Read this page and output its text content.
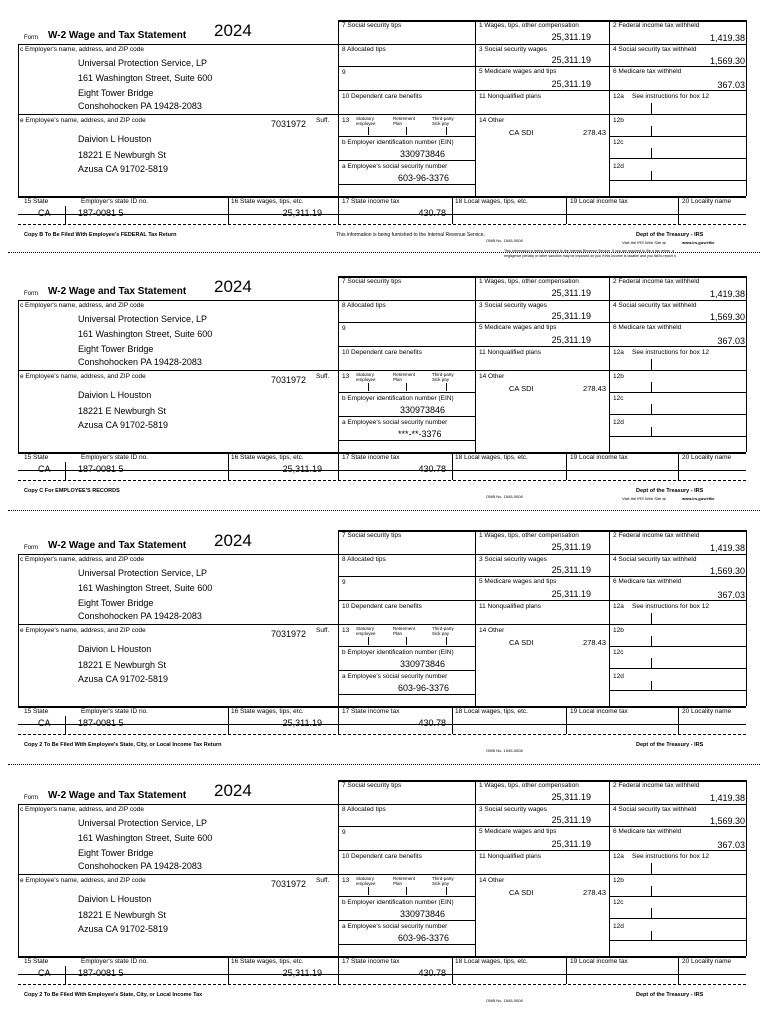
Form W-2 Wage and Tax Statement 2024
c Employer's name, address, and ZIP code
Universal Protection Service, LP
161 Washington Street, Suite 600
Eight Tower Bridge
Conshohocken PA 19428-2083
e Employee's name, address, and ZIP code	7031972 Suff.
Daivion L Houston
18221 E Newburgh St
Azusa CA 91702-5819
7 Social security tips
8 Allocated tips
9
10 Dependent care benefits
13 Statutory employee
Retirement Plan
Third-party Sick pay
b Employer identification number (EIN)
330973846
a Employee's social security number
603-96-3376
1 Wages, tips, other compensation
25,311.19
3 Social security wages
25,311.19
5 Medicare wages and tips
25,311.19
11 Nonqualified plans
14 Other
CA SDI	278.43
2 Federal income tax withheld
1,419.38
4 Social security tax withheld
1,569.30
6 Medicare tax withheld
367.03
12a See instructions for box 12
12b
12c
12d
15 State	Employer's state ID no.	16 State wages, tips, etc.	17 State income tax	18 Local wages, tips, etc.	19 Local income tax	20 Locality name
CA	187-0081 5	25,311.19	430.78
Copy B To Be Filed With Employee's FEDERAL Tax Return	This information is being furnished to the Internal Revenue Service.
OMB No. 1545-0008
Dept of the Treasury - IRS
Visit the IRS Web Site at	www.irs.gov/efile
This information is being furnished to the Internal Revenue Service. If you are required to file a tax return, a
negligence penalty or other sanction may be imposed on you if this income is taxable and you fail to report it.
Form W-2 Wage and Tax Statement 2024
c Employer's name, address, and ZIP code
Universal Protection Service, LP
161 Washington Street, Suite 600
Eight Tower Bridge
Conshohocken PA 19428-2083
e Employee's name, address, and ZIP code	7031972 Suff.
Daivion L Houston
18221 E Newburgh St
Azusa CA 91702-5819
7 Social security tips
8 Allocated tips
9
10 Dependent care benefits
13 Statutory employee
Retirement Plan
Third-party Sick pay
b Employer identification number (EIN)
330973846
a Employee's social security number
***-**-3376
1 Wages, tips, other compensation
25,311.19
3 Social security wages
25,311.19
5 Medicare wages and tips
25,311.19
11 Nonqualified plans
14 Other
CA SDI	278.43
2 Federal income tax withheld
1,419.38
4 Social security tax withheld
1,569.30
6 Medicare tax withheld
367.03
12a See instructions for box 12
12b
12c
12d
15 State	Employer's state ID no.	16 State wages, tips, etc.	17 State income tax	18 Local wages, tips, etc.	19 Local income tax	20 Locality name
CA	187-0081 5	25,311.19	430.78
Copy C For EMPLOYEE'S RECORDS
OMB No. 1545-0008
Dept of the Treasury - IRS
Visit the IRS Web Site at	www.irs.gov/efile
Form W-2 Wage and Tax Statement 2024
c Employer's name, address, and ZIP code
Universal Protection Service, LP
161 Washington Street, Suite 600
Eight Tower Bridge
Conshohocken PA 19428-2083
e Employee's name, address, and ZIP code	7031972 Suff.
Daivion L Houston
18221 E Newburgh St
Azusa CA 91702-5819
7 Social security tips
8 Allocated tips
9
10 Dependent care benefits
13 Statutory employee
Retirement Plan
Third-party Sick pay
b Employer identification number (EIN)
330973846
a Employee's social security number
603-96-3376
1 Wages, tips, other compensation
25,311.19
3 Social security wages
25,311.19
5 Medicare wages and tips
25,311.19
11 Nonqualified plans
14 Other
CA SDI	278.43
2 Federal income tax withheld
1,419.38
4 Social security tax withheld
1,569.30
6 Medicare tax withheld
367.03
12a See instructions for box 12
12b
12c
12d
15 State	Employer's state ID no.	16 State wages, tips, etc.	17 State income tax	18 Local wages, tips, etc.	19 Local income tax	20 Locality name
CA	187-0081 5	25,311.19	430.78
Copy 2 To Be Filed With Employee's State, City, or Local Income Tax Return
OMB No. 1545-0008
Dept of the Treasury - IRS
Form W-2 Wage and Tax Statement 2024
c Employer's name, address, and ZIP code
Universal Protection Service, LP
161 Washington Street, Suite 600
Eight Tower Bridge
Conshohocken PA 19428-2083
e Employee's name, address, and ZIP code	7031972 Suff.
Daivion L Houston
18221 E Newburgh St
Azusa CA 91702-5819
7 Social security tips
8 Allocated tips
9
10 Dependent care benefits
13 Statutory employee
Retirement Plan
Third-party Sick pay
b Employer identification number (EIN)
330973846
a Employee's social security number
603-96-3376
1 Wages, tips, other compensation
25,311.19
3 Social security wages
25,311.19
5 Medicare wages and tips
25,311.19
11 Nonqualified plans
14 Other
CA SDI	278.43
2 Federal income tax withheld
1,419.38
4 Social security tax withheld
1,569.30
6 Medicare tax withheld
367.03
12a See instructions for box 12
12b
12c
12d
15 State	Employer's state ID no.	16 State wages, tips, etc.	17 State income tax	18 Local wages, tips, etc.	19 Local income tax	20 Locality name
CA	187-0081 5	25,311.19	430.78
Copy 2 To Be Filed With Employee's State, City, or Local Income Tax
OMB No. 1545-0008
Dept of the Treasury - IRS
